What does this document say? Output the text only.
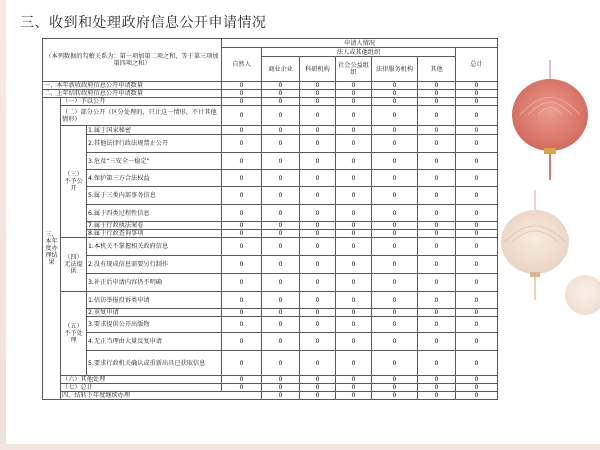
三、收到和处理政府信息公开申请情况
（本列数据的勾稽关系为：第一项加第二项之和，等于第三项加第四项之和）			申请人情况							
			自然人	法人或其他组织					总计	
				商业企业	科研机构	社会公益组织	法律服务机构	其他		
一、本年新收政府信息公开申请数量			0	0	0	0	0	0	0	
二、上年结转政府信息公开申请数量			0	0	0	0	0	0	0	
三、本年度办理结果	（一）予以公开		0	0	0	0	0	0	0	
	（二）部分公开（区分处理的，只计这一情形，不计其他情形）		0	0	0	0	0	0	0	
	（三）不予公开	1.属于国家秘密	0	0	0	0	0	0	0	
		2.其他法律行政法规禁止公开	0	0	0	0	0	0	0	
		3.危及“三安全一稳定”	0	0	0	0	0	0	0	
		4.保护第三方合法权益	0	0	0	0	0	0	0	
		5.属于三类内部事务信息	0	0	0	0	0	0	0	
		6.属于四类过程性信息	0	0	0	0	0	0	0	
		7.属于行政执法案卷	0	0	0	0	0	0	0	
		8.属于行政查询事项	0	0	0	0	0	0	0	
	（四）无法提供	1.本机关不掌握相关政府信息	0	0	0	0	0	0	0	
		2.没有现成信息需要另行制作	0	0	0	0	0	0	0	
		3.补正后申请内容仍不明确	0	0	0	0	0	0	0	
	（五）不予处理	1.信访举报投诉类申请	0	0	0	0	0	0	0	
		2.重复申请	0	0	0	0	0	0	0	
		3.要求提供公开出版物	0	0	0	0	0	0	0	
		4.无正当理由大量反复申请	0	0	0	0	0	0	0	
		5.要求行政机关确认或重新出具已获取信息	0	0	0	0	0	0	0	
	（六）其他处理		0	0	0	0	0	0	0	
	（七）总计		0	0	0	0	0	0	0	
	四、结转下年度继续办理			0	0	0	0	0	0	
